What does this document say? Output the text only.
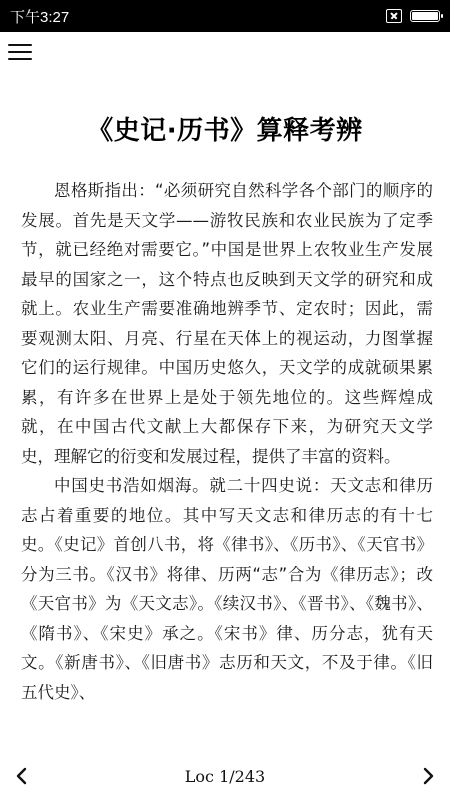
下午3:27
《史记·历书》算释考辨

恩格斯指出：“必须研究自然科学各个部门的顺序的发展。首先是天文学——游牧民族和农业民族为了定季节，就已经绝对需要它。”中国是世界上农牧业生产发展最早的国家之一，这个特点也反映到天文学的研究和成就上。农业生产需要准确地辨季节、定农时；因此，需要观测太阳、月亮、行星在天体上的视运动，力图掌握它们的运行规律。中国历史悠久，天文学的成就硕果累累，有许多在世界上是处于领先地位的。这些辉煌成就，在中国古代文献上大都保存下来，为研究天文学史，理解它的衍变和发展过程，提供了丰富的资料。

中国史书浩如烟海。就二十四史说：天文志和律历志占着重要的地位。其中写天文志和律历志的有十七史。《史记》首创八书，将《律书》、《历书》、《天官书》分为三书。《汉书》将律、历两“志”合为《律历志》；改《天官书》为《天文志》。《续汉书》、《晋书》、《魏书》、《隋书》、《宋史》承之。《宋书》律、历分志，犹有天文。《新唐书》、《旧唐书》志历和天文，不及于律。《旧五代史》、

Loc 1/243
